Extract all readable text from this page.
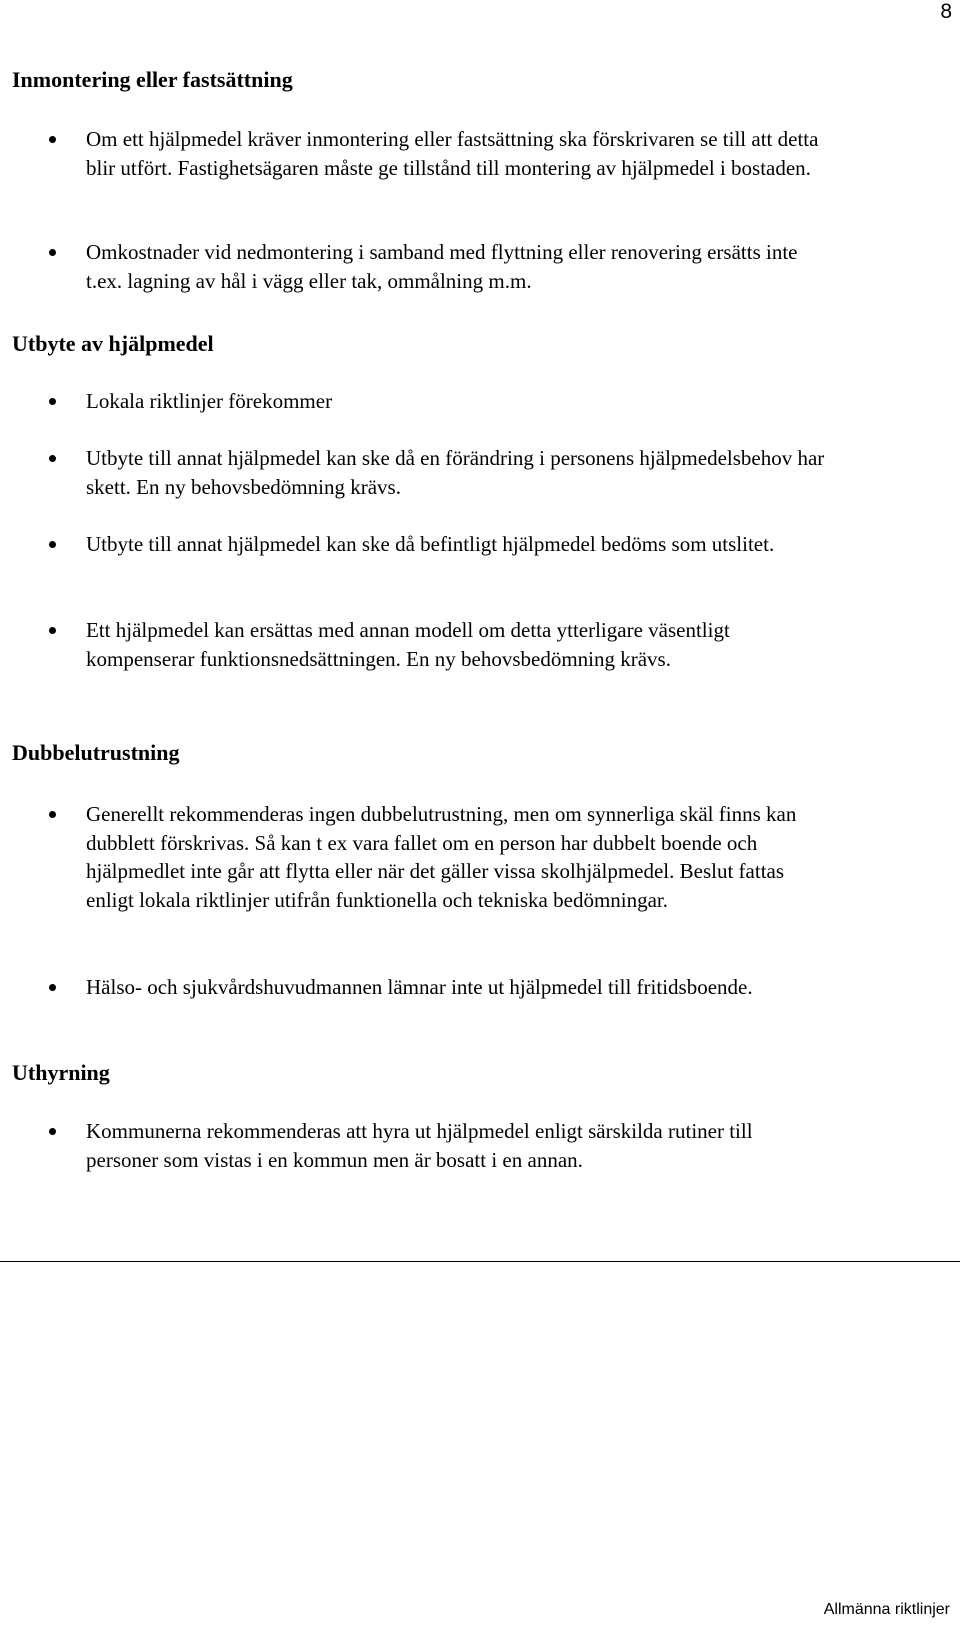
8
Inmontering eller fastsättning
Om ett hjälpmedel kräver inmontering eller fastsättning ska förskrivaren se till att detta blir utfört. Fastighetsägaren måste ge tillstånd till montering av hjälpmedel i bostaden.
Omkostnader vid nedmontering i samband med flyttning eller renovering ersätts inte t.ex. lagning av hål i vägg eller tak, ommålning m.m.
Utbyte av hjälpmedel
Lokala riktlinjer förekommer
Utbyte till annat hjälpmedel kan ske då en förändring i personens hjälpmedelsbehov har skett. En ny behovsbedömning krävs.
Utbyte till annat hjälpmedel kan ske då befintligt hjälpmedel bedöms som utslitet.
Ett hjälpmedel kan ersättas med annan modell om detta ytterligare väsentligt kompenserar funktionsnedsättningen. En ny behovsbedömning krävs.
Dubbelutrustning
Generellt rekommenderas ingen dubbelutrustning, men om synnerliga skäl finns kan dubblett förskrivas. Så kan t ex vara fallet om en person har dubbelt boende och hjälpmedlet inte går att flytta eller när det gäller vissa skolhjälpmedel. Beslut fattas enligt lokala riktlinjer utifrån funktionella och tekniska bedömningar.
Hälso- och sjukvårdshuvudmannen lämnar inte ut hjälpmedel till fritidsboende.
Uthyrning
Kommunerna rekommenderas att hyra ut hjälpmedel enligt särskilda rutiner till personer som vistas i en kommun men är bosatt i en annan.
Allmänna riktlinjer
